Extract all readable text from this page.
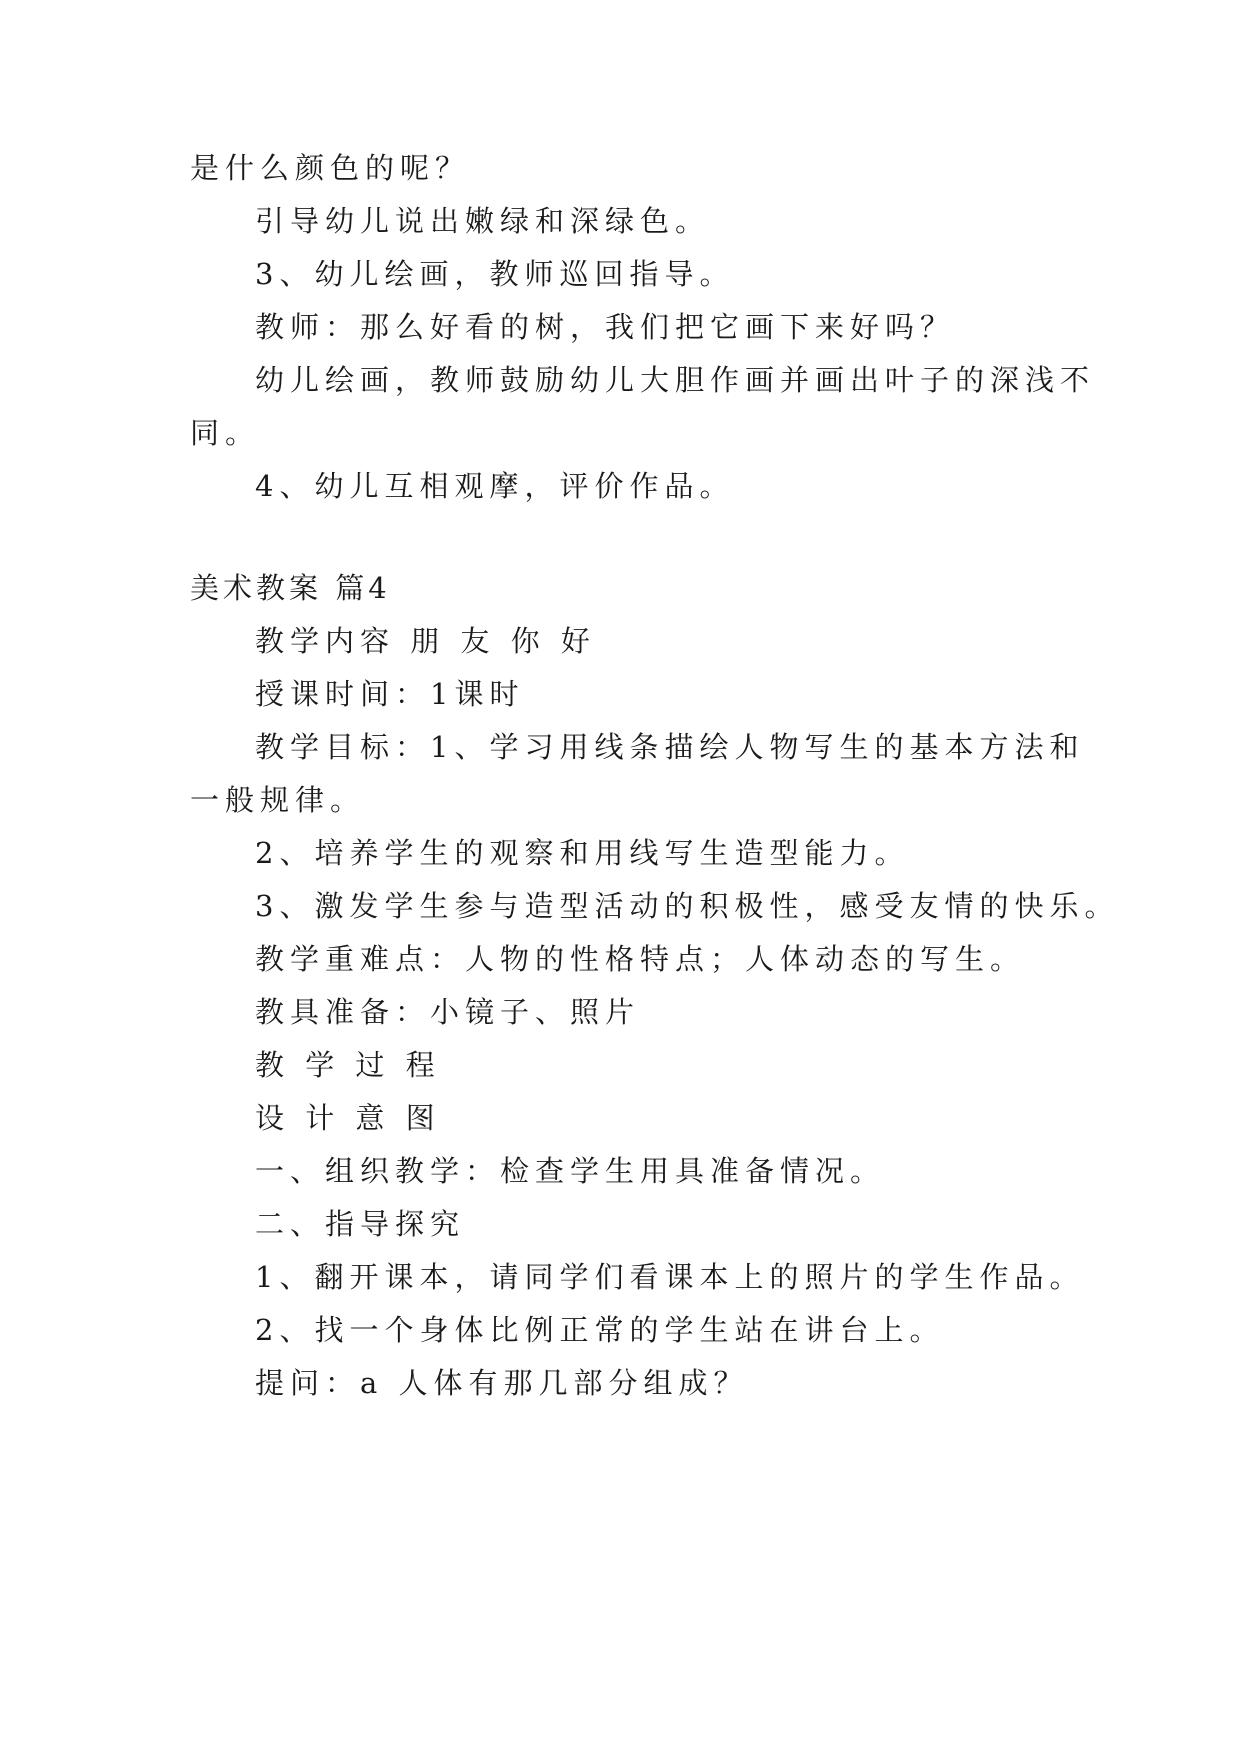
是什么颜色的呢？
引导幼儿说出嫩绿和深绿色。
3、幼儿绘画，教师巡回指导。
教师：那么好看的树，我们把它画下来好吗？
幼儿绘画，教师鼓励幼儿大胆作画并画出叶子的深浅不
同。
4、幼儿互相观摩，评价作品。
美术教案 篇4
教学内容 朋 友 你 好
授课时间：1课时
教学目标：1、学习用线条描绘人物写生的基本方法和
一般规律。
2、培养学生的观察和用线写生造型能力。
3、激发学生参与造型活动的积极性，感受友情的快乐。
教学重难点：人物的性格特点；人体动态的写生。
教具准备：小镜子、照片
教 学 过 程
设 计 意 图
一、组织教学：检查学生用具准备情况。
二、指导探究
1、翻开课本，请同学们看课本上的照片的学生作品。
2、找一个身体比例正常的学生站在讲台上。
提问：a 人体有那几部分组成？
